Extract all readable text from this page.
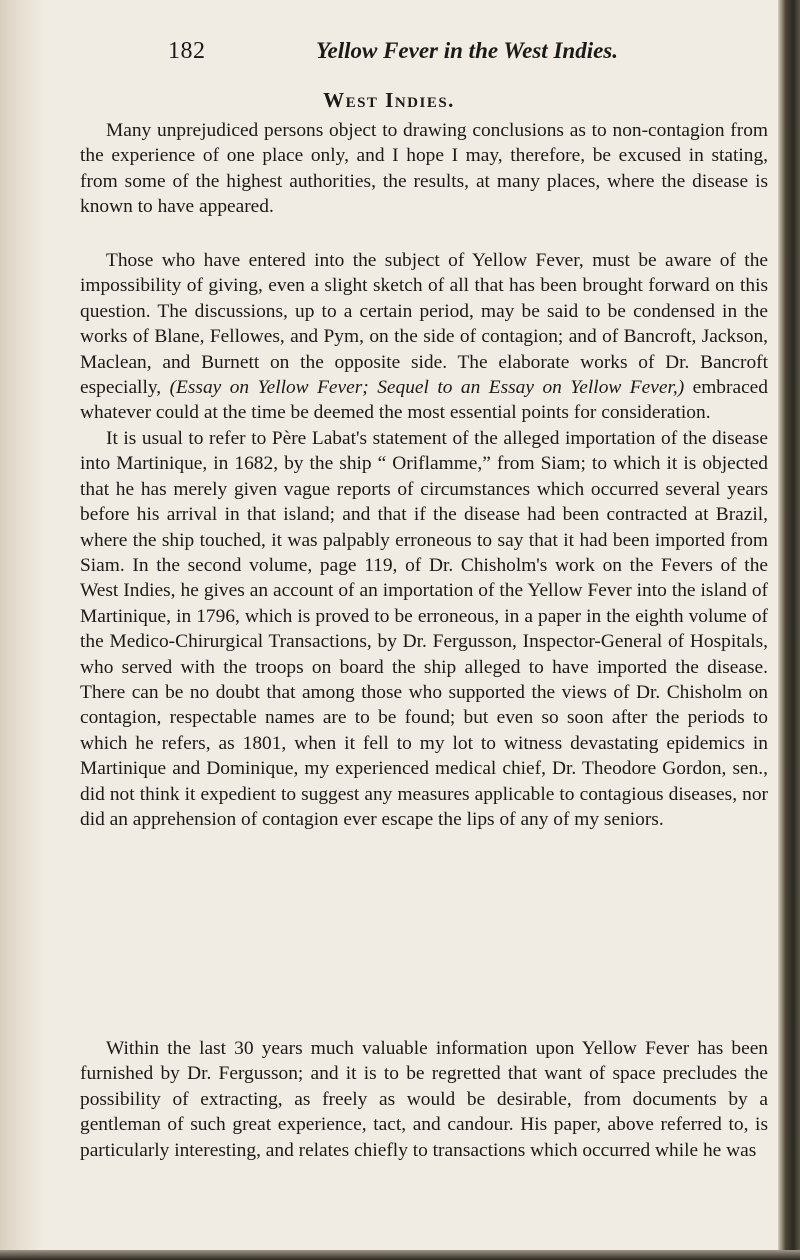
182	Yellow Fever in the West Indies.
West Indies.

Many unprejudiced persons object to drawing conclusions as to non-contagion from the experience of one place only, and I hope I may, therefore, be excused in stating, from some of the highest authorities, the results, at many places, where the disease is known to have appeared.

Those who have entered into the subject of Yellow Fever, must be aware of the impossibility of giving, even a slight sketch of all that has been brought forward on this question. The discussions, up to a certain period, may be said to be condensed in the works of Blane, Fellowes, and Pym, on the side of contagion; and of Bancroft, Jackson, Maclean, and Burnett on the opposite side. The elaborate works of Dr. Bancroft especially, (Essay on Yellow Fever; Sequel to an Essay on Yellow Fever,) embraced whatever could at the time be deemed the most essential points for consideration.

It is usual to refer to Père Labat's statement of the alleged importation of the disease into Martinique, in 1682, by the ship “ Oriflamme,” from Siam; to which it is objected that he has merely given vague reports of circumstances which occurred several years before his arrival in that island; and that if the disease had been contracted at Brazil, where the ship touched, it was palpably erroneous to say that it had been imported from Siam. In the second volume, page 119, of Dr. Chisholm's work on the Fevers of the West Indies, he gives an account of an importation of the Yellow Fever into the island of Martinique, in 1796, which is proved to be erroneous, in a paper in the eighth volume of the Medico-Chirurgical Transactions, by Dr. Fergusson, Inspector-General of Hospitals, who served with the troops on board the ship alleged to have imported the disease. There can be no doubt that among those who supported the views of Dr. Chisholm on contagion, respectable names are to be found; but even so soon after the periods to which he refers, as 1801, when it fell to my lot to witness devastating epidemics in Martinique and Dominique, my experienced medical chief, Dr. Theodore Gordon, sen., did not think it expedient to suggest any measures applicable to contagious diseases, nor did an apprehension of contagion ever escape the lips of any of my seniors.

Within the last 30 years much valuable information upon Yellow Fever has been furnished by Dr. Fergusson; and it is to be regretted that want of space precludes the possibility of extracting, as freely as would be desirable, from documents by a gentleman of such great experience, tact, and candour. His paper, above referred to, is particularly interesting, and relates chiefly to transactions which occurred while he was
